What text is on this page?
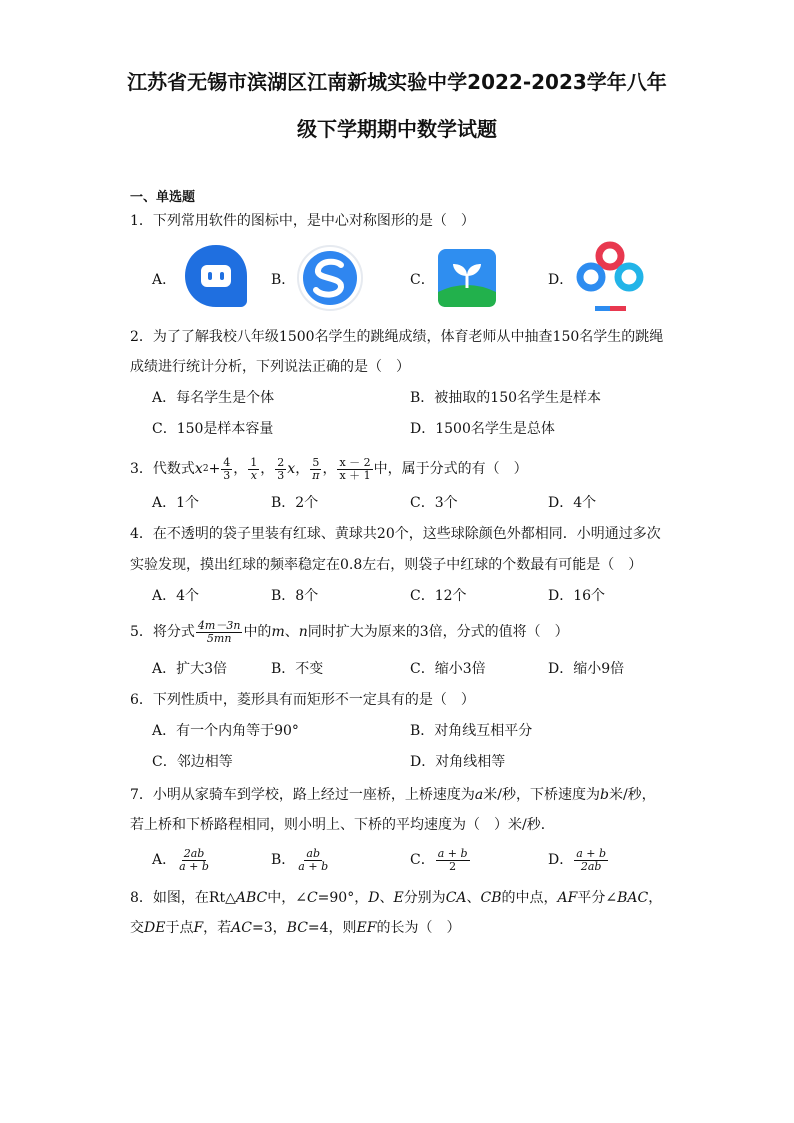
江苏省无锡市滨湖区江南新城实验中学2022-2023学年八年
级下学期期中数学试题
一、单选题
1．下列常用软件的图标中，是中心对称图形的是（　）
A．	B．	C．	D．
2．为了了解我校八年级1500名学生的跳绳成绩，体育老师从中抽查150名学生的跳绳
成绩进行统计分析，下列说法正确的是（　）
A．每名学生是个体	B．被抽取的150名学生是样本
C．150是样本容量	D．1500名学生是总体
3．代数式 x $2 + \frac{4}{3}$ ， $\frac{1}{x}$ ， $\frac{2}{3}$ x ， $\frac{5}{\pi}$ ， $\frac{x - 2}{x + 1}$ 中，属于分式的有（　）
A．1个	B．2个	C．3个	D．4个
4．在不透明的袋子里装有红球、黄球共20个，这些球除颜色外都相同．小明通过多次
实验发现，摸出红球的频率稳定在0.8左右，则袋子中红球的个数最有可能是（　）
A．4个	B．8个	C．12个	D．16个
5．将分式 $\frac{4m-3n}{5mn}$ 中的 m 、 n 同时扩大为原来的3倍，分式的值将（　）
A．扩大3倍	B．不变	C．缩小3倍	D．缩小9倍
6．下列性质中，菱形具有而矩形不一定具有的是（　）
A．有一个内角等于90°	B．对角线互相平分
C．邻边相等	D．对角线相等
7．小明从家骑车到学校，路上经过一座桥，上桥速度为a米/秒，下桥速度为b米/秒，
若上桥和下桥路程相同，则小明上、下桥的平均速度为（　）米/秒．
A． $\frac{2ab}{a + b}$	B． $\frac{ab}{a + b}$	C． $\frac{a + b}{2}$	D． $\frac{a + b}{2ab}$
8．如图，在Rt△ABC中，∠C=90°，D、E分别为CA、CB的中点，AF平分∠BAC，
交DE于点F，若AC=3，BC=4，则EF的长为（　）
